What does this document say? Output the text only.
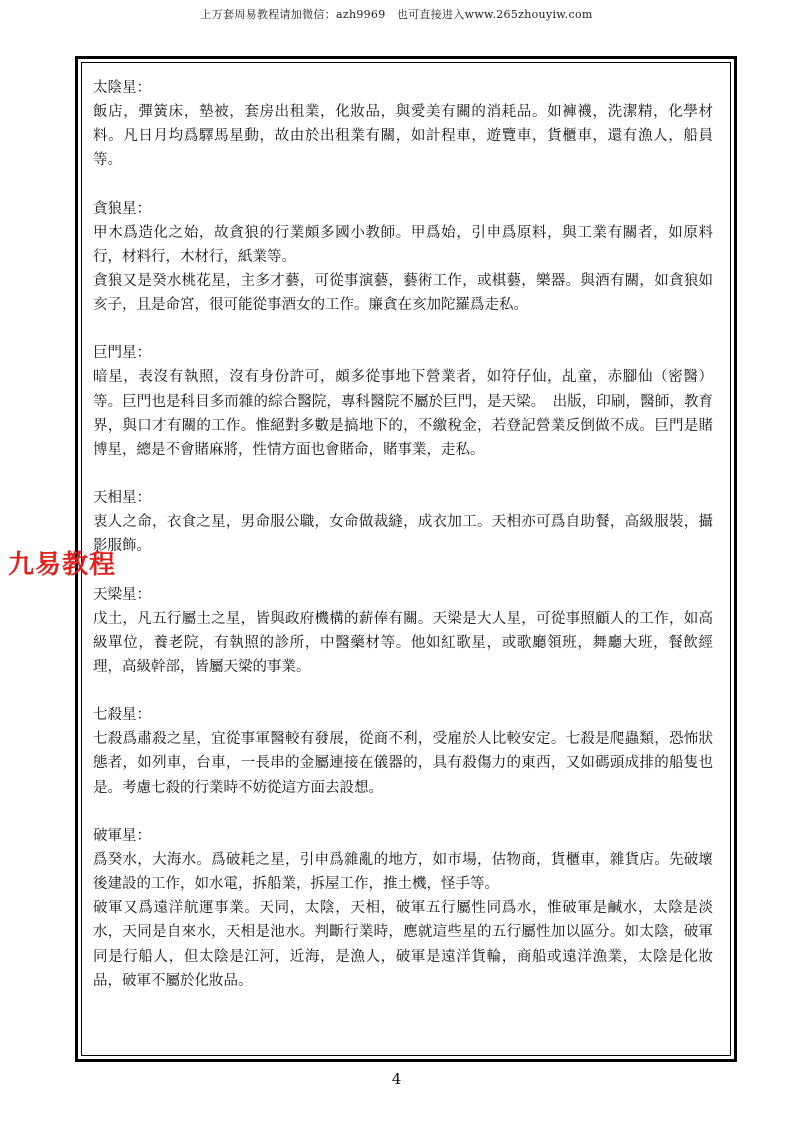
上万套周易教程请加微信：azh9969　也可直接进入www.265zhouyiw.com
太陰星：
飯店，彈簧床，墊被，套房出租業，化妝品，與愛美有關的消耗品。如褲襪，洗潔精，化學材料。凡日月均爲驛馬星動，故由於出租業有關，如計程車，遊覽車，貨櫃車，還有漁人，船員等。
貪狼星：
甲木爲造化之始，故貪狼的行業頗多國小教師。甲爲始，引申爲原料，與工業有關者，如原料行，材料行，木材行，紙業等。
貪狼又是癸水桃花星，主多才藝，可從事演藝，藝術工作，或棋藝，樂器。與酒有關，如貪狼如亥子，且是命宮，很可能從事酒女的工作。廉貪在亥加陀羅爲走私。
巨門星：
暗星，表沒有執照，沒有身份許可，頗多從事地下營業者，如符仔仙，乩童，赤腳仙（密醫）等。巨門也是科目多而雜的綜合醫院，專科醫院不屬於巨門，是天梁。　出版，印刷，醫師，教育界，與口才有關的工作。惟絕對多數是搞地下的，不繳稅金，若登記營業反倒做不成。巨門是賭博星，總是不會賭麻將，性情方面也會賭命，賭事業，走私。
天相星：
衷人之命，衣食之星，男命服公職，女命做裁縫，成衣加工。天相亦可爲自助餐，高級服裝，攝影服飾。
天梁星：
戊土，凡五行屬土之星，皆與政府機構的薪俸有關。天梁是大人星，可從事照顧人的工作，如高級單位，養老院，有執照的診所，中醫藥材等。他如紅歌星，或歌廳領班，舞廳大班，餐飲經理，高級幹部，皆屬天梁的事業。
七殺星：
七殺爲肅殺之星，宜從事軍醫較有發展，從商不利，受雇於人比較安定。七殺是爬蟲類，恐怖狀態者，如列車，台車，一長串的金屬連接在儀器的，具有殺傷力的東西，又如碼頭成排的船隻也是。考慮七殺的行業時不妨從這方面去設想。
破軍星：
爲癸水，大海水。爲破耗之星，引申爲雜亂的地方，如市場，估物商，貨櫃車，雜貨店。先破壞後建設的工作，如水電，拆船業，拆屋工作，推土機，怪手等。
破軍又爲遠洋航運事業。天同，太陰，天相，破軍五行屬性同爲水，惟破軍是鹹水，太陰是淡水，天同是自來水，天相是池水。判斷行業時，應就這些星的五行屬性加以區分。如太陰，破軍同是行船人，但太陰是江河，近海，是漁人，破軍是遠洋貨輪，商船或遠洋漁業，太陰是化妝品，破軍不屬於化妝品。
九易教程
4
